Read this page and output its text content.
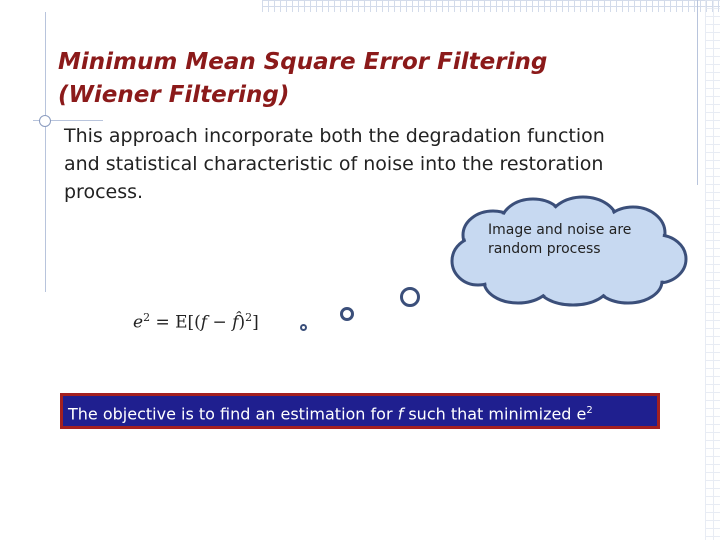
Minimum Mean Square Error Filtering
(Wiener Filtering)
This approach incorporate both the degradation function and statistical characteristic of noise into the restoration process.
$e^2 = E[(f$ − f̂)$^2$]
Image and noise are random process
The objective is to find an estimation for f such that minimized $e^2$
